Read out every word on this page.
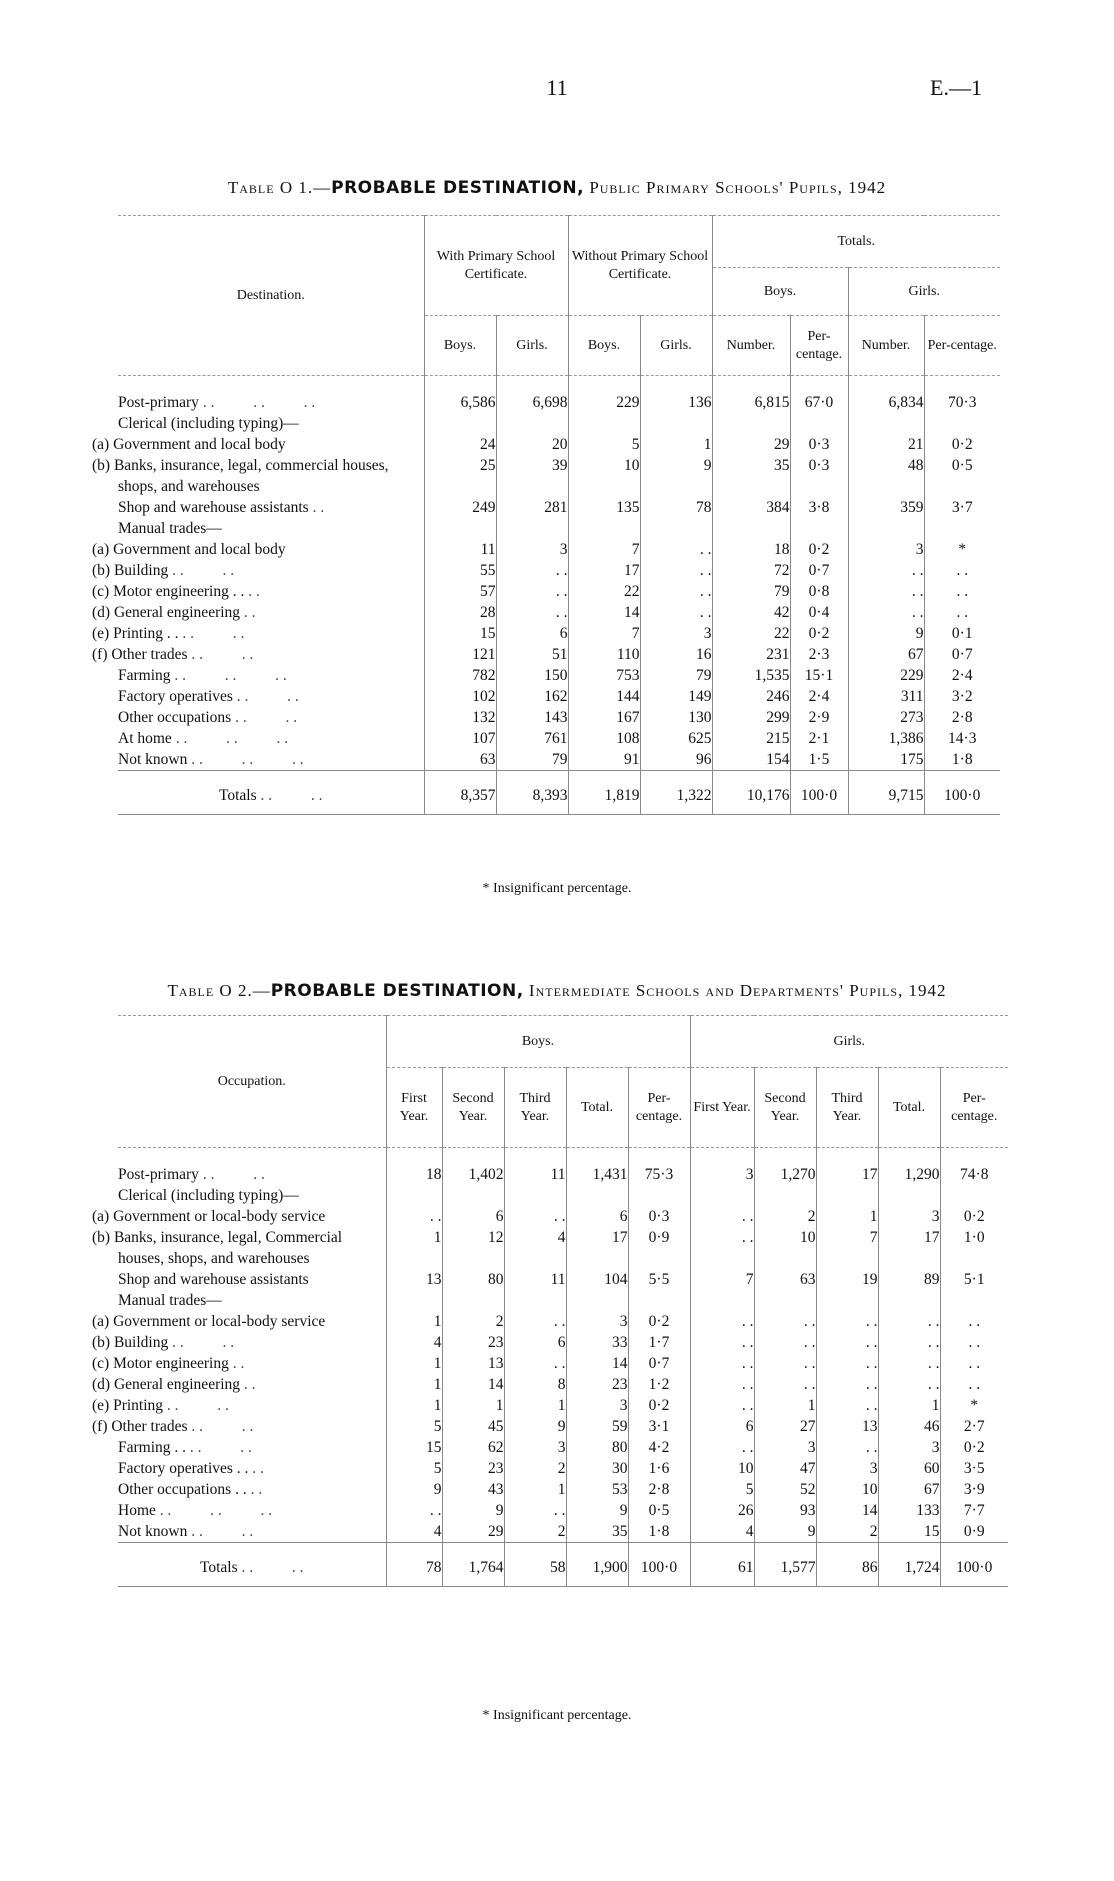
11	E.—1
Table O 1.—PROBABLE DESTINATION, Public Primary Schools' Pupils, 1942
Destination.	With Primary School Certificate.		Without Primary School Certificate.		Totals.			
					Boys.		Girls.	
	Boys.	Girls.	Boys.	Girls.	Number.	Per-centage.	Number.	Per-centage.
Post-primary . .          . .          . .	6,586	6,698	229	136	6,815	67·0	6,834	70·3
Clerical (including typing)—								
(a) Government and local body	24	20	5	1	29	0·3	21	0·2
(b) Banks, insurance, legal, commercial houses, shops, and warehouses	25	39	10	9	35	0·3	48	0·5
Shop and warehouse assistants . .	249	281	135	78	384	3·8	359	3·7
Manual trades—								
(a) Government and local body	11	3	7	. .	18	0·2	3	*
(b) Building . .          . .	55	. .	17	. .	72	0·7	. .	. .
(c) Motor engineering . . . .	57	. .	22	. .	79	0·8	. .	. .
(d) General engineering . .	28	. .	14	. .	42	0·4	. .	. .
(e) Printing . . . .          . .	15	6	7	3	22	0·2	9	0·1
(f) Other trades . .          . .	121	51	110	16	231	2·3	67	0·7
Farming . .          . .          . .	782	150	753	79	1,535	15·1	229	2·4
Factory operatives . .          . .	102	162	144	149	246	2·4	311	3·2
Other occupations . .          . .	132	143	167	130	299	2·9	273	2·8
At home . .          . .          . .	107	761	108	625	215	2·1	1,386	14·3
Not known . .          . .          . .	63	79	91	96	154	1·5	175	1·8
Totals . .          . .	8,357	8,393	1,819	1,322	10,176	100·0	9,715	100·0
* Insignificant percentage.
Table O 2.—PROBABLE DESTINATION, Intermediate Schools and Departments' Pupils, 1942
Occupation.	Boys.					Girls.				
	First Year.	Second Year.	Third Year.	Total.	Per-centage.	First Year.	Second Year.	Third Year.	Total.	Per-centage.
Post-primary . .          . .	18	1,402	11	1,431	75·3	3	1,270	17	1,290	74·8
Clerical (including typing)—										
(a) Government or local-body service	. .	6	. .	6	0·3	. .	2	1	3	0·2
(b) Banks, insurance, legal, Commercial houses, shops, and warehouses	1	12	4	17	0·9	. .	10	7	17	1·0
Shop and warehouse assistants	13	80	11	104	5·5	7	63	19	89	5·1
Manual trades—										
(a) Government or local-body service	1	2	. .	3	0·2	. .	. .	. .	. .	. .
(b) Building . .          . .	4	23	6	33	1·7	. .	. .	. .	. .	. .
(c) Motor engineering . .	1	13	. .	14	0·7	. .	. .	. .	. .	. .
(d) General engineering . .	1	14	8	23	1·2	. .	. .	. .	. .	. .
(e) Printing . .          . .	1	1	1	3	0·2	. .	1	. .	1	*
(f) Other trades . .          . .	5	45	9	59	3·1	6	27	13	46	2·7
Farming . . . .          . .	15	62	3	80	4·2	. .	3	. .	3	0·2
Factory operatives . . . .	5	23	2	30	1·6	10	47	3	60	3·5
Other occupations . . . .	9	43	1	53	2·8	5	52	10	67	3·9
Home . .          . .          . .	. .	9	. .	9	0·5	26	93	14	133	7·7
Not known . .          . .	4	29	2	35	1·8	4	9	2	15	0·9
Totals . .          . .	78	1,764	58	1,900	100·0	61	1,577	86	1,724	100·0
* Insignificant percentage.
